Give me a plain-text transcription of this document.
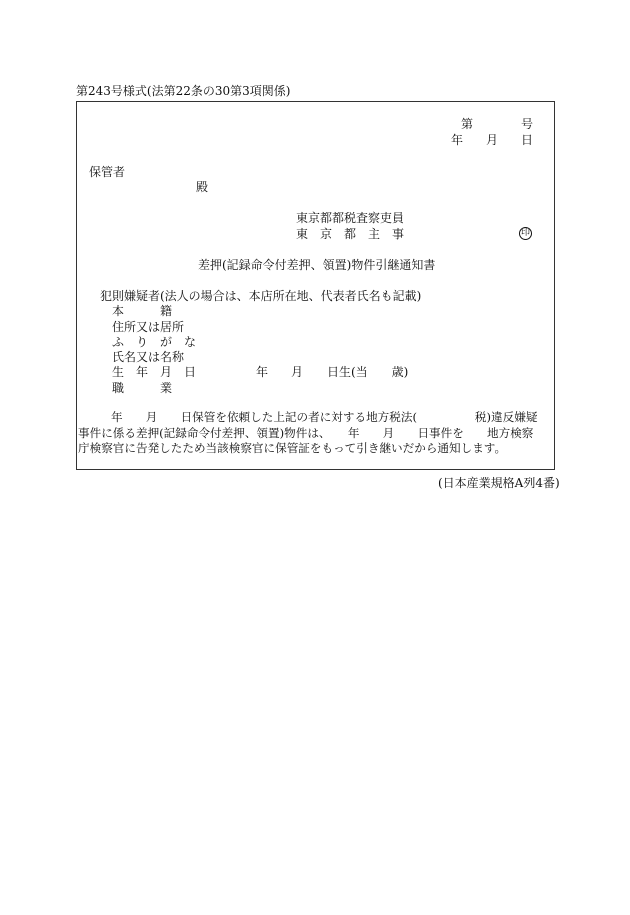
第243号様式(法第22条の30第3項関係)
第	号
年 月 日
保管者
殿
東京都都税査察吏員
東　京　都　主　事	印
差押(記録命令付差押、領置)物件引継通知書
犯則嫌疑者(法人の場合は、本店所在地、代表者氏名も記載)
本　　　籍
住所又は居所
ふ　り　が　な
氏名又は名称
生　年　月　日	年 月 日生(当　　歳)
職　　　業
年　　月　　日保管を依頼した上記の者に対する地方税法(　　　　　税)違反嫌疑
事件に係る差押(記録命令付差押、領置)物件は、　　年　　月　　日事件を　　地方検察
庁検察官に告発したため当該検察官に保管証をもって引き継いだから通知します。
(日本産業規格A列4番)
